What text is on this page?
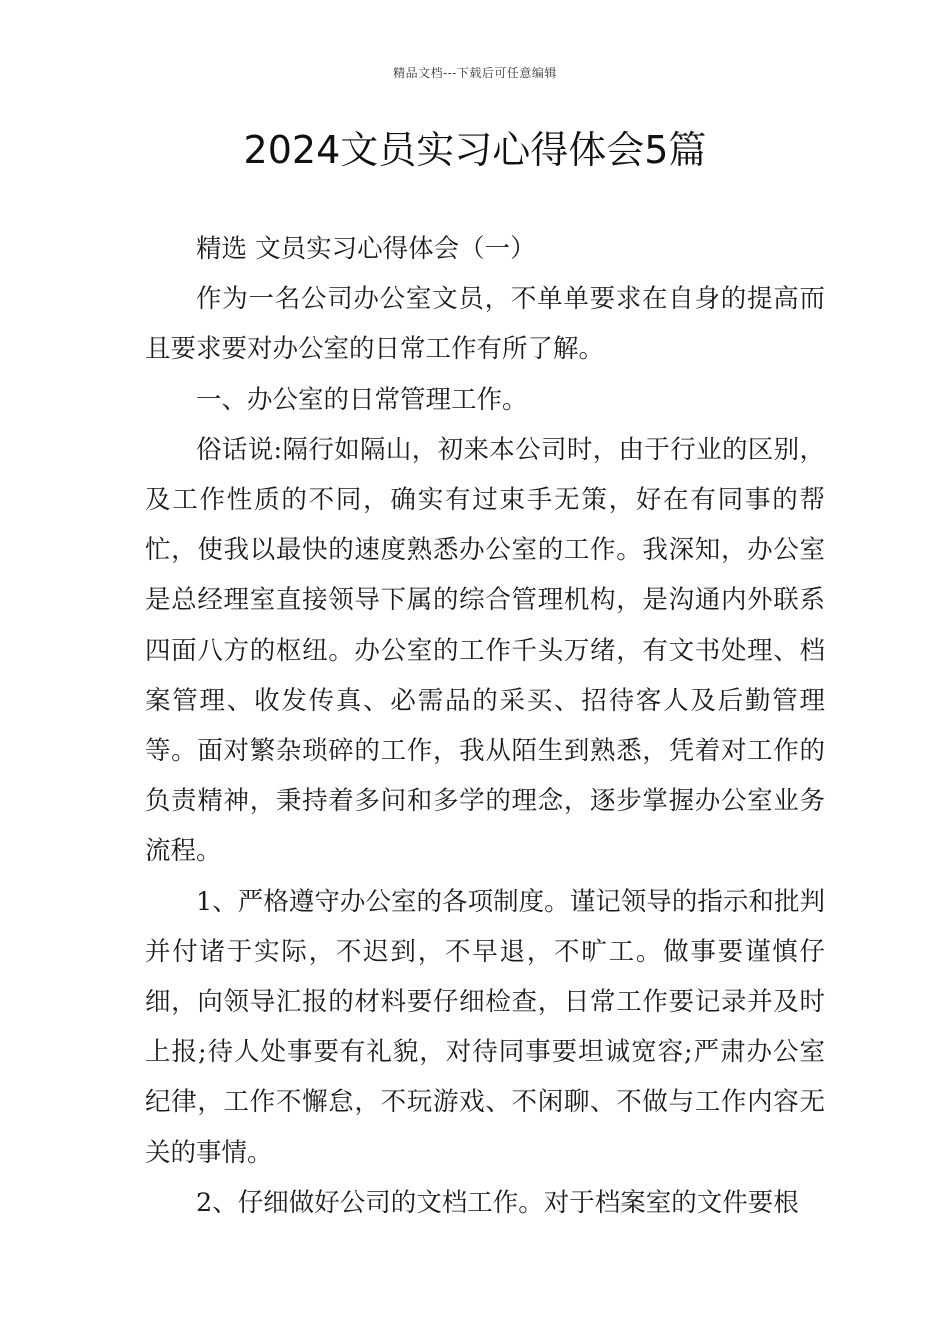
精品文档---下载后可任意编辑
2024文员实习心得体会5篇

精选 文员实习心得体会（一）

作为一名公司办公室文员，不单单要求在自身的提高而且要求要对办公室的日常工作有所了解。

一、办公室的日常管理工作。

俗话说:隔行如隔山，初来本公司时，由于行业的区别，及工作性质的不同，确实有过束手无策，好在有同事的帮忙，使我以最快的速度熟悉办公室的工作。我深知，办公室是总经理室直接领导下属的综合管理机构，是沟通内外联系四面八方的枢纽。办公室的工作千头万绪，有文书处理、档案管理、收发传真、必需品的采买、招待客人及后勤管理等。面对繁杂琐碎的工作，我从陌生到熟悉，凭着对工作的负责精神，秉持着多问和多学的理念，逐步掌握办公室业务流程。

1、严格遵守办公室的各项制度。谨记领导的指示和批判并付诸于实际，不迟到，不早退，不旷工。做事要谨慎仔细，向领导汇报的材料要仔细检查，日常工作要记录并及时上报;待人处事要有礼貌，对待同事要坦诚宽容;严肃办公室纪律，工作不懈怠，不玩游戏、不闲聊、不做与工作内容无关的事情。

2、仔细做好公司的文档工作。对于档案室的文件要根
